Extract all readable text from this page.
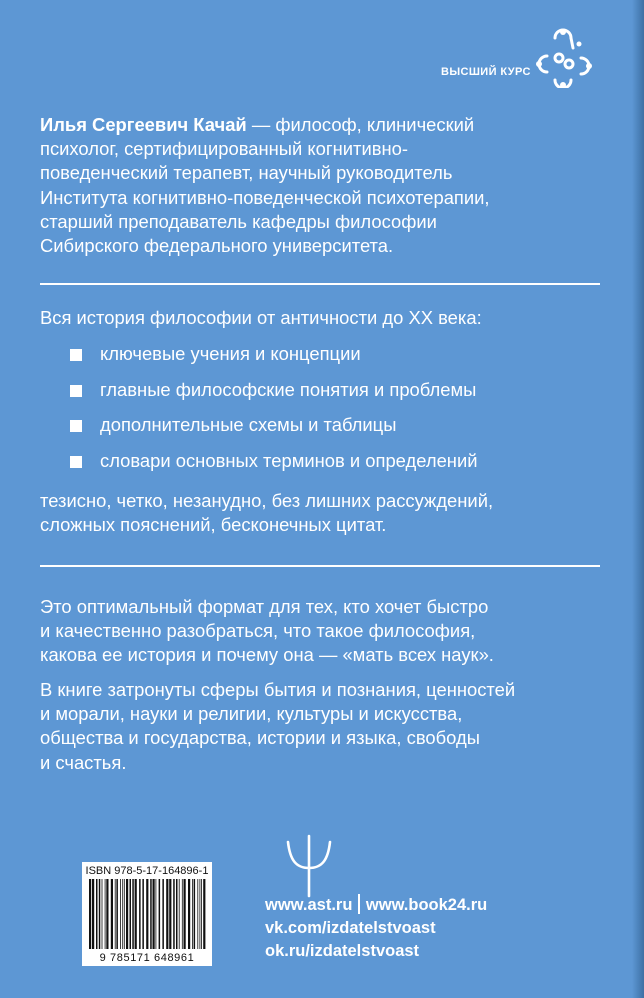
ВЫСШИЙ КУРС

Илья Сергеевич Качай — философ, клинический
психолог, сертифицированный когнитивно-
поведенческий терапевт, научный руководитель
Института когнитивно-поведенческой психотерапии,
старший преподаватель кафедры философии
Сибирского федерального университета.

Вся история философии от античности до XX века:

ключевые учения и концепции
главные философские понятия и проблемы
дополнительные схемы и таблицы
словари основных терминов и определений

тезисно, четко, незанудно, без лишних рассуждений,
сложных пояснений, бесконечных цитат.

Это оптимальный формат для тех, кто хочет быстро
и качественно разобраться, что такое философия,
какова ее история и почему она — «мать всех наук».

В книге затронуты сферы бытия и познания, ценностей
и морали, науки и религии, культуры и искусства,
общества и государства, истории и языка, свободы
и счастья.

ISBN 978-5-17-164896-1
9 785171 648961
www.ast.ru www.book24.ru
vk.com/izdatelstvoast
ok.ru/izdatelstvoast
